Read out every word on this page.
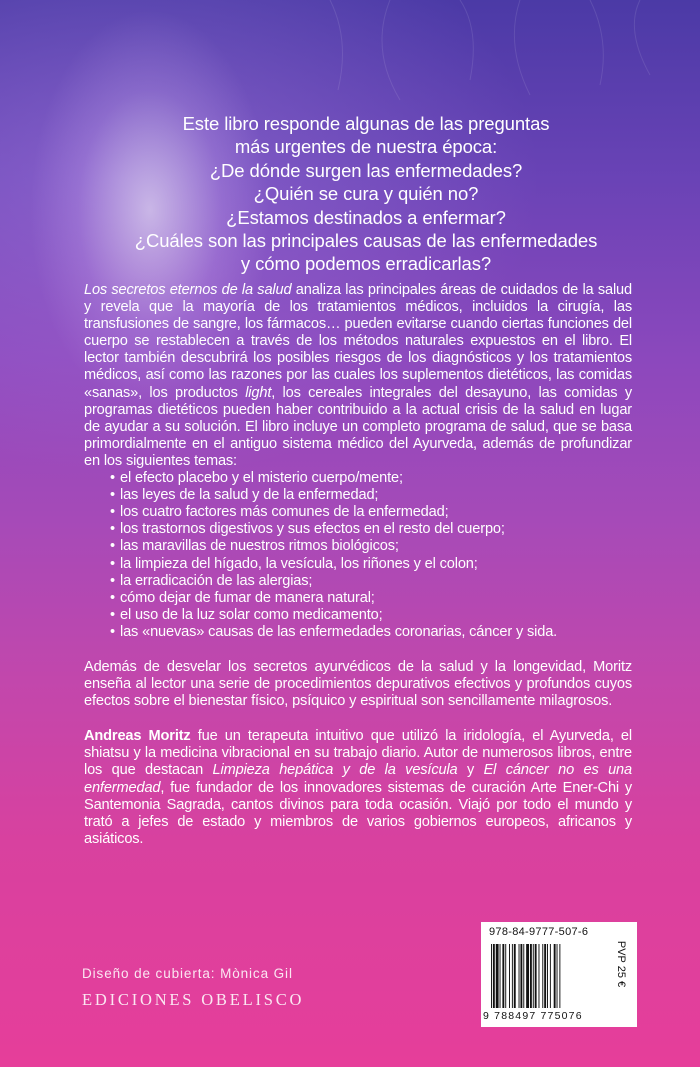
Este libro responde algunas de las preguntas
más urgentes de nuestra época:
¿De dónde surgen las enfermedades?
¿Quién se cura y quién no?
¿Estamos destinados a enfermar?
¿Cuáles son las principales causas de las enfermedades
y cómo podemos erradicarlas?

Los secretos eternos de la salud analiza las principales áreas de cuidados de la salud y revela que la mayoría de los tratamientos médicos, incluidos la cirugía, las transfusiones de sangre, los fármacos… pueden evitarse cuando ciertas funciones del cuerpo se restablecen a través de los métodos naturales expuestos en el libro. El lector también descubrirá los posibles riesgos de los diagnósticos y los tratamientos médicos, así como las razones por las cuales los suplementos dietéticos, las comidas «sanas», los productos light, los cereales integrales del desayuno, las comidas y programas dietéticos pueden haber contribuido a la actual crisis de la salud en lugar de ayudar a su solución. El libro incluye un completo programa de salud, que se basa primordialmente en el antiguo sistema médico del Ayurveda, además de profundizar en los siguientes temas:

• el efecto placebo y el misterio cuerpo/mente;
• las leyes de la salud y de la enfermedad;
• los cuatro factores más comunes de la enfermedad;
• los trastornos digestivos y sus efectos en el resto del cuerpo;
• las maravillas de nuestros ritmos biológicos;
• la limpieza del hígado, la vesícula, los riñones y el colon;
• la erradicación de las alergias;
• cómo dejar de fumar de manera natural;
• el uso de la luz solar como medicamento;
• las «nuevas» causas de las enfermedades coronarias, cáncer y sida.

Además de desvelar los secretos ayurvédicos de la salud y la longevidad, Moritz enseña al lector una serie de procedimientos depurativos efectivos y profundos cuyos efectos sobre el bienestar físico, psíquico y espiritual son sencillamente milagrosos.

Andreas Moritz fue un terapeuta intuitivo que utilizó la iridología, el Ayurveda, el shiatsu y la medicina vibracional en su trabajo diario. Autor de numerosos libros, entre los que destacan Limpieza hepática y de la vesícula y El cáncer no es una enfermedad, fue fundador de los innovadores sistemas de curación Arte Ener-Chi y Santemonia Sagrada, cantos divinos para toda ocasión. Viajó por todo el mundo y trató a jefes de estado y miembros de varios gobiernos europeos, africanos y asiáticos.

Diseño de cubierta: Mònica Gil
EDICIONES OBELISCO
978-84-9777-507-6
9 788497 775076
PVP 25 €
